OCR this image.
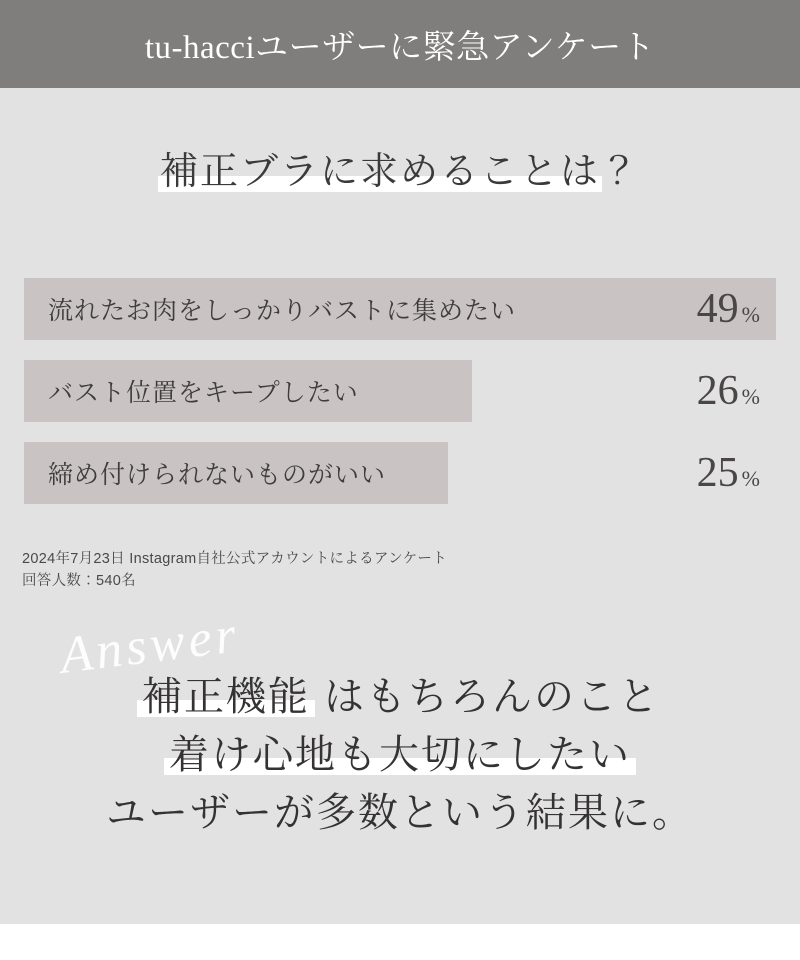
tu-hacciユーザーに緊急アンケート
補正ブラに求めることは？
流れたお肉をしっかりバストに集めたい	49 %
バスト位置をキープしたい	26 %
締め付けられないものがいい	25 %
2024年7月23日 Instagram自社公式アカウントによるアンケート
回答人数：540名
Answer
補正機能 はもちろんのこと
着け心地も大切にしたい
ユーザーが多数という結果に。
